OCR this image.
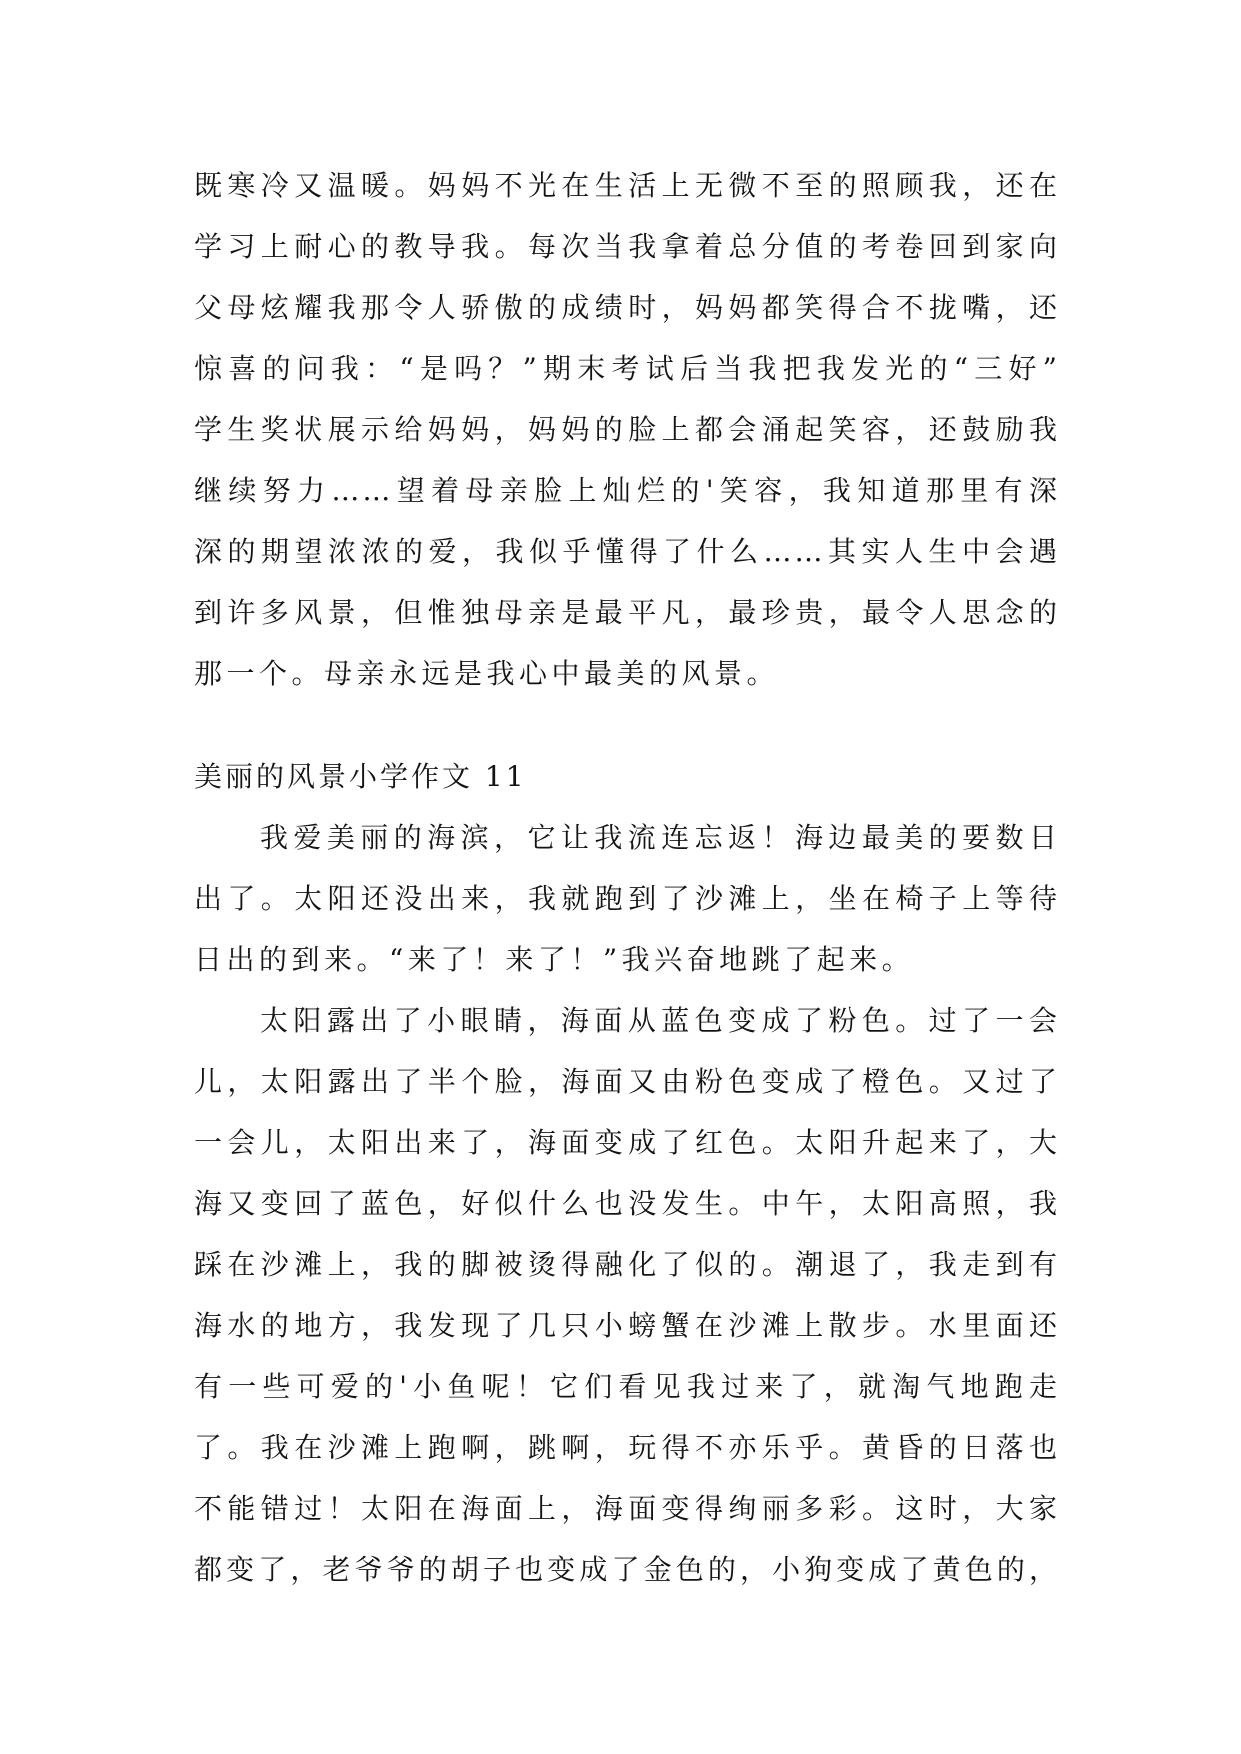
既寒冷又温暖。妈妈不光在生活上无微不至的照顾我，还在
学习上耐心的教导我。每次当我拿着总分值的考卷回到家向
父母炫耀我那令人骄傲的成绩时，妈妈都笑得合不拢嘴，还
惊喜的问我：“是吗？”期末考试后当我把我发光的“三好”
学生奖状展示给妈妈，妈妈的脸上都会涌起笑容，还鼓励我
继续努力……望着母亲脸上灿烂的'笑容，我知道那里有深
深的期望浓浓的爱，我似乎懂得了什么……其实人生中会遇
到许多风景，但惟独母亲是最平凡，最珍贵，最令人思念的
那一个。母亲永远是我心中最美的风景。
美丽的风景小学作文 11
我爱美丽的海滨，它让我流连忘返！海边最美的要数日
出了。太阳还没出来，我就跑到了沙滩上，坐在椅子上等待
日出的到来。“来了！来了！”我兴奋地跳了起来。
太阳露出了小眼睛，海面从蓝色变成了粉色。过了一会
儿，太阳露出了半个脸，海面又由粉色变成了橙色。又过了
一会儿，太阳出来了，海面变成了红色。太阳升起来了，大
海又变回了蓝色，好似什么也没发生。中午，太阳高照，我
踩在沙滩上，我的脚被烫得融化了似的。潮退了，我走到有
海水的地方，我发现了几只小螃蟹在沙滩上散步。水里面还
有一些可爱的'小鱼呢！它们看见我过来了，就淘气地跑走
了。我在沙滩上跑啊，跳啊，玩得不亦乐乎。黄昏的日落也
不能错过！太阳在海面上，海面变得绚丽多彩。这时，大家
都变了，老爷爷的胡子也变成了金色的，小狗变成了黄色的，
